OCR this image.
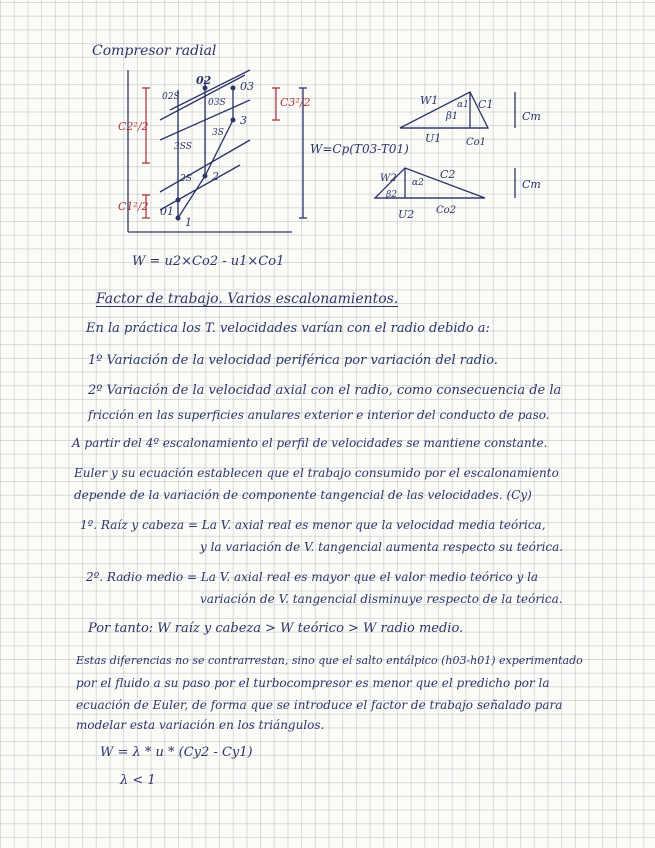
Compresor radial
01
02	03
1
2
3
02S
03S
3SS
2S
3S
C2²/2
C1²/2
C3²/2
W=Cp(T03-T01)
W = u2×Co2 - u1×Co1
W1
β1
α1 C1
U1 Co1
Cm
W2
β2
α2
C2
U2 Co2
Cm
Factor de trabajo. Varios escalonamientos.
En la práctica los T. velocidades varían con el radio debido a:
1º Variación de la velocidad periférica por variación del radio.
2º Variación de la velocidad axial con el radio, como consecuencia de la
fricción en las superficies anulares exterior e interior del conducto de paso.
A partir del 4º escalonamiento el perfil de velocidades se mantiene constante.
Euler y su ecuación establecen que el trabajo consumido por el escalonamiento
depende de la variación de componente tangencial de las velocidades. (Cy)
1º. Raíz y cabeza = La V. axial real es menor que la velocidad media teórica,
y la variación de V. tangencial aumenta respecto su teórica.
2º. Radio medio = La V. axial real es mayor que el valor medio teórico y la
variación de V. tangencial disminuye respecto de la teórica.
Por tanto: W raíz y cabeza > W teórico > W radio medio.
Estas diferencias no se contrarrestan, sino que el salto entálpico (h03-h01) experimentado
por el fluido a su paso por el turbocompresor es menor que el predicho por la
ecuación de Euler, de forma que se introduce el factor de trabajo señalado para
modelar esta variación en los triángulos.
W = λ * u * (Cy2 - Cy1)
λ < 1
